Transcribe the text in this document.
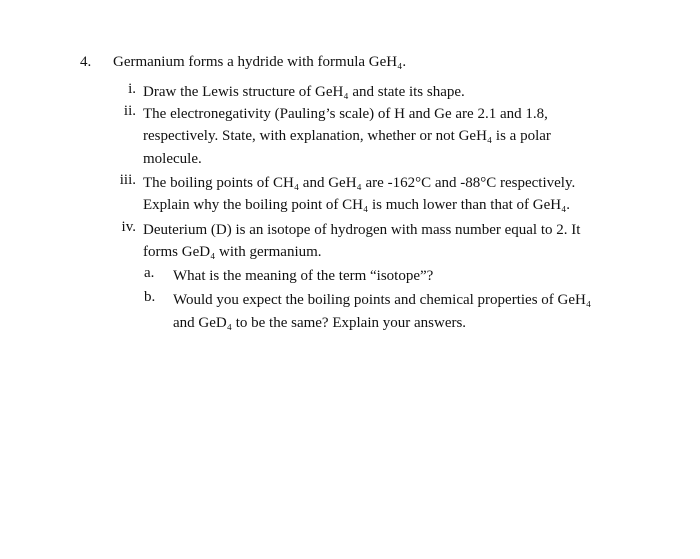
4. Germanium forms a hydride with formula GeH₄.
i. Draw the Lewis structure of GeH₄ and state its shape.
ii. The electronegativity (Pauling’s scale) of H and Ge are 2.1 and 1.8, respectively. State, with explanation, whether or not GeH₄ is a polar molecule.
iii. The boiling points of CH₄ and GeH₄ are -162°C and -88°C respectively. Explain why the boiling point of CH₄ is much lower than that of GeH₄.
iv. Deuterium (D) is an isotope of hydrogen with mass number equal to 2. It forms GeD₄ with germanium.
a. What is the meaning of the term “isotope”?
b. Would you expect the boiling points and chemical properties of GeH₄ and GeD₄ to be the same? Explain your answers.
